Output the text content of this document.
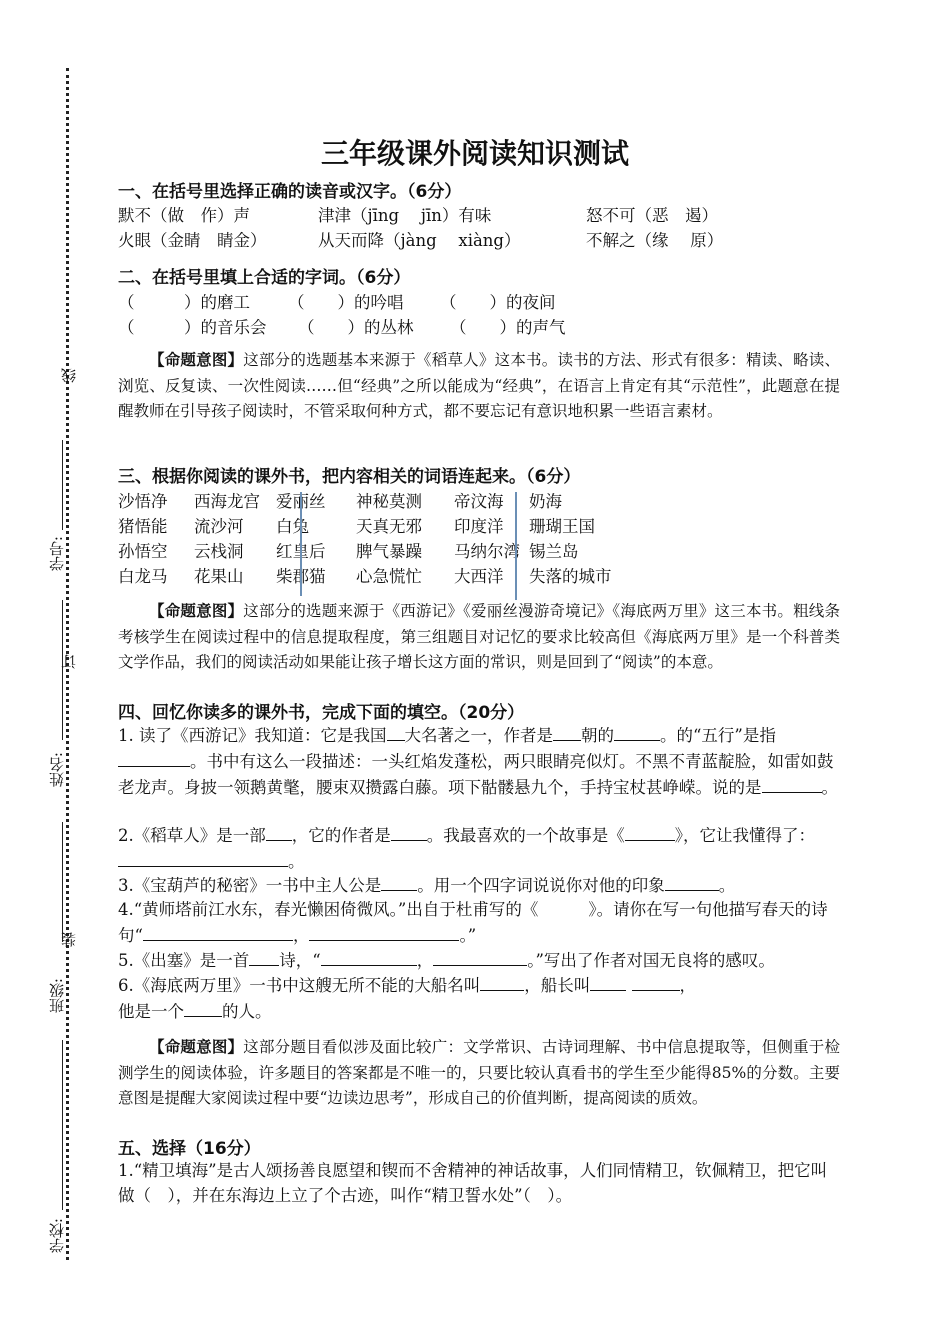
线
学号:
订
姓名:
装
班级:
学校:
三年级课外阅读知识测试
一、在括号里选择正确的读音或汉字。（6分）
默不（做　作）声	津津（jīng　 jīn）有味	怒不可（恶　遏）
火眼（金睛　睛金）	从天而降（jàng　 xiàng）	不解之（缘　 原）
二、在括号里填上合适的字词。（6分）
（　　　）的磨工 （　　）的吟唱 （　　）的夜间
（　　　）的音乐会 （　　）的丛林 （　　）的声气
【命题意图】这部分的选题基本来源于《稻草人》这本书。读书的方法、形式有很多：精读、略读、浏览、反复读、一次性阅读……但“经典”之所以能成为“经典”，在语言上肯定有其“示范性”，此题意在提醒教师在引导孩子阅读时，不管采取何种方式，都不要忘记有意识地积累一些语言素材。
三、根据你阅读的课外书，把内容相关的词语连起来。（6分）
沙悟净 西海龙宫 爱丽丝 神秘莫测 帝汶海 奶海
猪悟能 流沙河 白兔	天真无邪 印度洋 珊瑚王国
孙悟空 云栈洞 红皇后 脾气暴躁 马纳尔湾 锡兰岛
白龙马 花果山 柴郡猫 心急慌忙 大西洋 失落的城市
【命题意图】这部分的选题来源于《西游记》《爱丽丝漫游奇境记》《海底两万里》这三本书。粗线条考核学生在阅读过程中的信息提取程度，第三组题目对记忆的要求比较高但《海底两万里》是一个科普类文学作品，我们的阅读活动如果能让孩子增长这方面的常识，则是回到了“阅读”的本意。
四、回忆你读多的课外书，完成下面的填空。（20分）
1. 读了《西游记》我知道：它是我国 大名著之一，作者是 朝的	。的“五行”是指。书中有这么一段描述：一头红焰发蓬松，两只眼睛亮似灯。不黑不青蓝靛脸，如雷如鼓老龙声。身披一领鹅黄氅，腰束双攒露白藤。项下骷髅悬九个，手持宝杖甚峥嵘。说的是	。
2.《稻草人》是一部 ，它的作者是 。我最喜欢的一个故事是《	》，它让我懂得了：。
3.《宝葫芦的秘密》一书中主人公是 。用一个四字词说说你对他的印象	。
4.“黄师塔前江水东，春光懒困倚微风。”出自于杜甫写的《	》。请你在写一句他描写春天的诗句“	，	。”
5.《出塞》是一首 诗，“	，	。”写出了作者对国无良将的感叹。
6.《海底两万里》一书中这艘无所不能的大船名叫	，船长叫	，他是一个 的人。
【命题意图】这部分题目看似涉及面比较广：文学常识、古诗词理解、书中信息提取等，但侧重于检测学生的阅读体验，许多题目的答案都是不唯一的，只要比较认真看书的学生至少能得85%的分数。主要意图是提醒大家阅读过程中要“边读边思考”，形成自己的价值判断，提高阅读的质效。
五、选择（16分）
1.“精卫填海”是古人颂扬善良愿望和锲而不舍精神的神话故事，人们同情精卫，钦佩精卫，把它叫做（　），并在东海边上立了个古迹，叫作“精卫誓水处”（　）。
